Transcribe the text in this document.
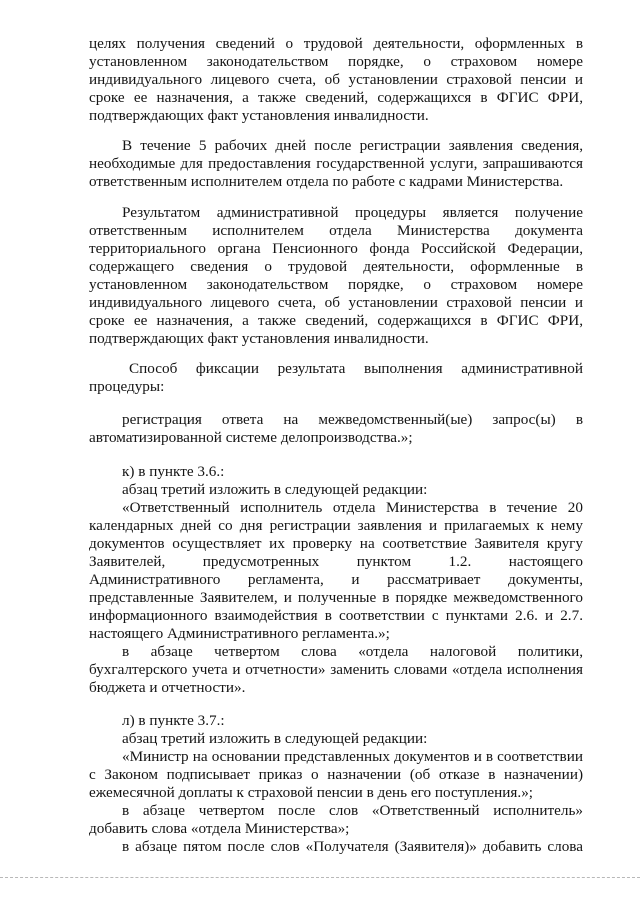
целях получения сведений о трудовой деятельности, оформленных в
установленном законодательством порядке, о страховом номере
индивидуального лицевого счета, об установлении страховой пенсии и
сроке ее назначения, а также сведений, содержащихся в ФГИС ФРИ,
подтверждающих факт установления инвалидности.
В течение 5 рабочих дней после регистрации заявления сведения,
необходимые для предоставления государственной услуги, запрашиваются
ответственным исполнителем отдела по работе с кадрами Министерства.
Результатом административной процедуры является получение
ответственным исполнителем отдела Министерства документа
территориального органа Пенсионного фонда Российской Федерации,
содержащего сведения о трудовой деятельности, оформленные в
установленном законодательством порядке, о страховом номере
индивидуального лицевого счета, об установлении страховой пенсии и
сроке ее назначения, а также сведений, содержащихся в ФГИС ФРИ,
подтверждающих факт установления инвалидности.
Способ фиксации результата выполнения административной
процедуры:
регистрация ответа на межведомственный(ые) запрос(ы) в
автоматизированной системе делопроизводства.»;
к) в пункте 3.6.:
абзац третий изложить в следующей редакции:
«Ответственный исполнитель отдела Министерства в течение 20
календарных дней со дня регистрации заявления и прилагаемых к нему
документов осуществляет их проверку на соответствие Заявителя кругу
Заявителей, предусмотренных пунктом 1.2. настоящего
Административного регламента, и рассматривает документы,
представленные Заявителем, и полученные в порядке межведомственного
информационного взаимодействия в соответствии с пунктами 2.6. и 2.7.
настоящего Административного регламента.»;
в абзаце четвертом слова «отдела налоговой политики,
бухгалтерского учета и отчетности» заменить словами «отдела исполнения
бюджета и отчетности».
л) в пункте 3.7.:
абзац третий изложить в следующей редакции:
«Министр на основании представленных документов и в соответствии
с Законом подписывает приказ о назначении (об отказе в назначении)
ежемесячной доплаты к страховой пенсии в день его поступления.»;
в абзаце четвертом после слов «Ответственный исполнитель»
добавить слова «отдела Министерства»;
в абзаце пятом после слов «Получателя (Заявителя)» добавить слова
